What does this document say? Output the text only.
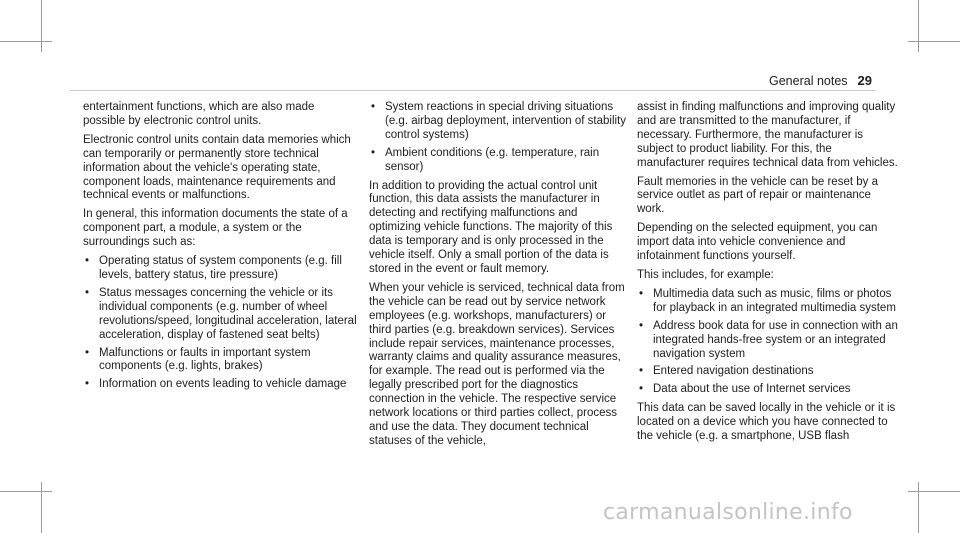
General notes 29

entertainment functions, which are also made possible by electronic control units.

Electronic control units contain data memories which can temporarily or permanently store technical information about the vehicle's operating state, component loads, maintenance requirements and technical events or malfunctions.

In general, this information documents the state of a component part, a module, a system or the surroundings such as:

• Operating status of system components (e.g. fill levels, battery status, tire pressure)
• Status messages concerning the vehicle or its individual components (e.g. number of wheel revolutions/speed, longitudinal acceleration, lateral acceleration, display of fastened seat belts)
• Malfunctions or faults in important system components (e.g. lights, brakes)
• Information on events leading to vehicle damage
• System reactions in special driving situations (e.g. airbag deployment, intervention of stability control systems)
• Ambient conditions (e.g. temperature, rain sensor)

In addition to providing the actual control unit function, this data assists the manufacturer in detecting and rectifying malfunctions and optimizing vehicle functions. The majority of this data is temporary and is only processed in the vehicle itself. Only a small portion of the data is stored in the event or fault memory.

When your vehicle is serviced, technical data from the vehicle can be read out by service network employees (e.g. workshops, manufacturers) or third parties (e.g. breakdown services). Services include repair services, maintenance processes, warranty claims and quality assurance measures, for example. The read out is performed via the legally prescribed port for the diagnostics connection in the vehicle. The respective service network locations or third parties collect, process and use the data. They document technical statuses of the vehicle,

assist in finding malfunctions and improving quality and are transmitted to the manufacturer, if necessary. Furthermore, the manufacturer is subject to product liability. For this, the manufacturer requires technical data from vehicles.

Fault memories in the vehicle can be reset by a service outlet as part of repair or maintenance work.

Depending on the selected equipment, you can import data into vehicle convenience and infotainment functions yourself.

This includes, for example:

• Multimedia data such as music, films or photos for playback in an integrated multimedia system
• Address book data for use in connection with an integrated hands-free system or an integrated navigation system
• Entered navigation destinations
• Data about the use of Internet services

This data can be saved locally in the vehicle or it is located on a device which you have connected to the vehicle (e.g. a smartphone, USB flash

carmanualsonline.info
